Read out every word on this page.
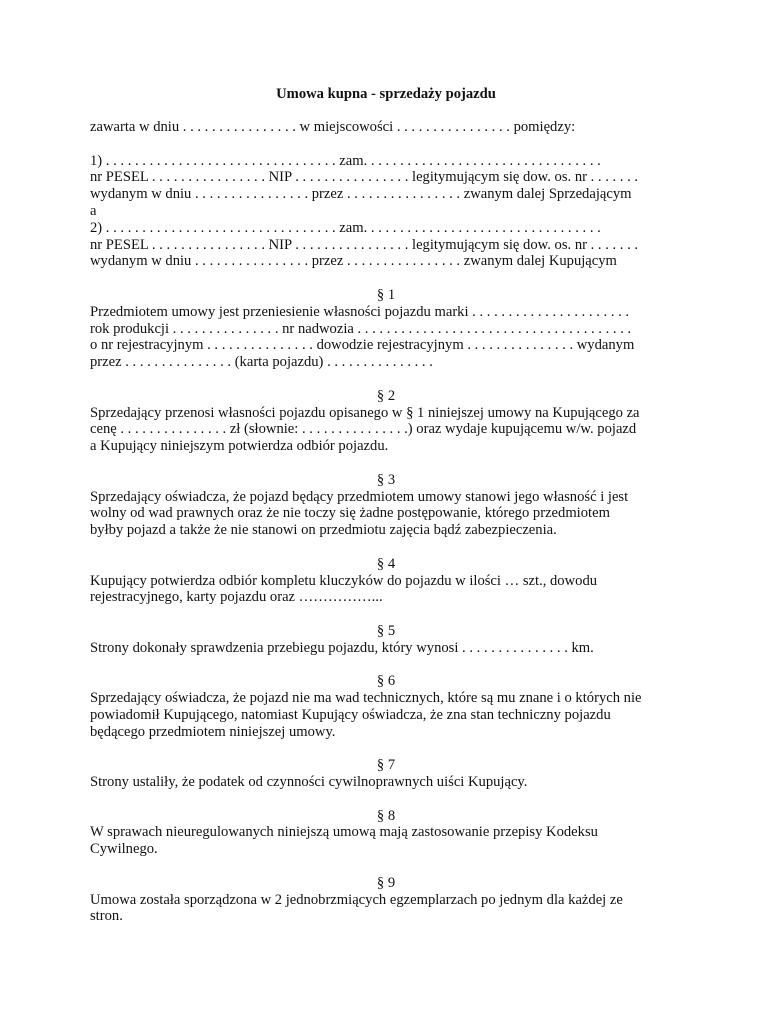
Umowa kupna - sprzedaży pojazdu
zawarta w dniu . . . . . . . . . . . . . . . . w miejscowości . . . . . . . . . . . . . . . . pomiędzy:
1) . . . . . . . . . . . . . . . . . . . . . . . . . . . . . . . . zam. . . . . . . . . . . . . . . . . . . . . . . . . . . . . . . . .
nr PESEL . . . . . . . . . . . . . . . . NIP . . . . . . . . . . . . . . . . legitymującym się dow. os. nr . . . . . . .
wydanym w dniu . . . . . . . . . . . . . . . . przez . . . . . . . . . . . . . . . . zwanym dalej Sprzedającym
a
2) . . . . . . . . . . . . . . . . . . . . . . . . . . . . . . . . zam. . . . . . . . . . . . . . . . . . . . . . . . . . . . . . . . .
nr PESEL . . . . . . . . . . . . . . . . NIP . . . . . . . . . . . . . . . . legitymującym się dow. os. nr . . . . . . .
wydanym w dniu . . . . . . . . . . . . . . . . przez . . . . . . . . . . . . . . . . zwanym dalej Kupującym
§ 1
Przedmiotem umowy jest przeniesienie własności pojazdu marki . . . . . . . . . . . . . . . . . . . . . .
rok produkcji . . . . . . . . . . . . . . . nr nadwozia . . . . . . . . . . . . . . . . . . . . . . . . . . . . . . . . . . . . . .
o nr rejestracyjnym . . . . . . . . . . . . . . . dowodzie rejestracyjnym . . . . . . . . . . . . . . . wydanym
przez . . . . . . . . . . . . . . . (karta pojazdu) . . . . . . . . . . . . . . .
§ 2
Sprzedający przenosi własności pojazdu opisanego w § 1 niniejszej umowy na Kupującego za
cenę . . . . . . . . . . . . . . . zł (słownie: . . . . . . . . . . . . . . .) oraz wydaje kupującemu w/w. pojazd
a Kupujący niniejszym potwierdza odbiór pojazdu.
§ 3
Sprzedający oświadcza, że pojazd będący przedmiotem umowy stanowi jego własność i jest
wolny od wad prawnych oraz że nie toczy się żadne postępowanie, którego przedmiotem
byłby pojazd a także że nie stanowi on przedmiotu zajęcia bądź zabezpieczenia.
§ 4
Kupujący potwierdza odbiór kompletu kluczyków do pojazdu w ilości … szt., dowodu
rejestracyjnego, karty pojazdu oraz ……………...
§ 5
Strony dokonały sprawdzenia przebiegu pojazdu, który wynosi . . . . . . . . . . . . . . . km.
§ 6
Sprzedający oświadcza, że pojazd nie ma wad technicznych, które są mu znane i o których nie
powiadomił Kupującego, natomiast Kupujący oświadcza, że zna stan techniczny pojazdu
będącego przedmiotem niniejszej umowy.
§ 7
Strony ustaliły, że podatek od czynności cywilnoprawnych uiści Kupujący.
§ 8
W sprawach nieuregulowanych niniejszą umową mają zastosowanie przepisy Kodeksu
Cywilnego.
§ 9
Umowa została sporządzona w 2 jednobrzmiących egzemplarzach po jednym dla każdej ze
stron.
